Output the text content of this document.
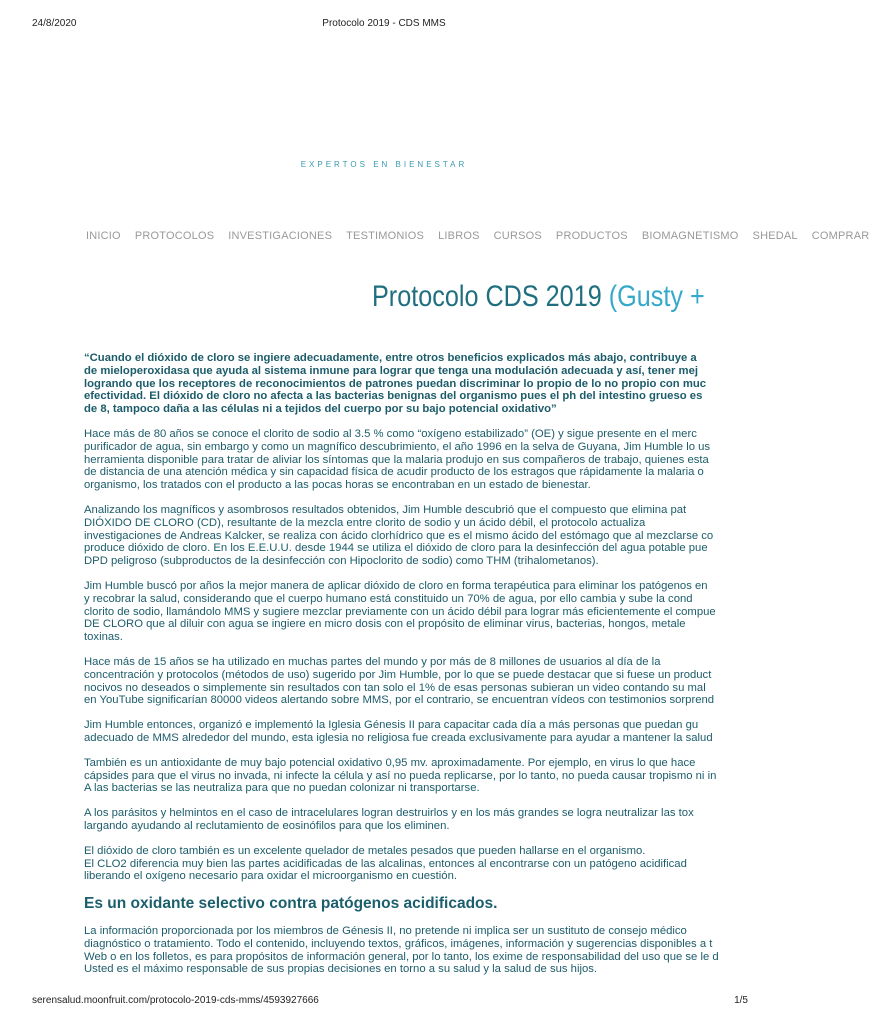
24/8/2020	Protocolo 2019 - CDS MMS
EXPERTOS EN BIENESTAR
INICIO PROTOCOLOS INVESTIGACIONES TESTIMONIOS LIBROS CURSOS PRODUCTOS BIOMAGNETISMO SHEDAL COMPRAR
Protocolo CDS 2019 (Gusty +

“Cuando el dióxido de cloro se ingiere adecuadamente, entre otros beneficios explicados más abajo, contribuye a
de mieloperoxidasa que ayuda al sistema inmune para lograr que tenga una modulación adecuada y así, tener mej
logrando que los receptores de reconocimientos de patrones puedan discriminar lo propio de lo no propio con muc
efectividad. El dióxido de cloro no afecta a las bacterias benignas del organismo pues el ph del intestino grueso es
de 8, tampoco daña a las células ni a tejidos del cuerpo por su bajo potencial oxidativo”

Hace más de 80 años se conoce el clorito de sodio al 3.5 % como “oxígeno estabilizado” (OE) y sigue presente en el merc
purificador de agua, sin embargo y como un magnífico descubrimiento, el año 1996 en la selva de Guyana, Jim Humble lo us
herramienta disponible para tratar de aliviar los síntomas que la malaria produjo en sus compañeros de trabajo, quienes esta
de distancia de una atención médica y sin capacidad física de acudir producto de los estragos que rápidamente la malaria o
organismo, los tratados con el producto a las pocas horas se encontraban en un estado de bienestar.

Analizando los magníficos y asombrosos resultados obtenidos, Jim Humble descubrió que el compuesto que elimina pat
DIÓXIDO DE CLORO (CD), resultante de la mezcla entre clorito de sodio y un ácido débil, el protocolo actualiza
investigaciones de Andreas Kalcker, se realiza con ácido clorhídrico que es el mismo ácido del estómago que al mezclarse co
produce dióxido de cloro. En los E.E.U.U. desde 1944 se utiliza el dióxido de cloro para la desinfección del agua potable pue
DPD peligroso (subproductos de la desinfección con Hipoclorito de sodio) como THM (trihalometanos).

Jim Humble buscó por años la mejor manera de aplicar dióxido de cloro en forma terapéutica para eliminar los patógenos en
y recobrar la salud, considerando que el cuerpo humano está constituido un 70% de agua, por ello cambia y sube la cond
clorito de sodio, llamándolo MMS y sugiere mezclar previamente con un ácido débil para lograr más eficientemente el compue
DE CLORO que al diluir con agua se ingiere en micro dosis con el propósito de eliminar virus, bacterias, hongos, metale
toxinas.

Hace más de 15 años se ha utilizado en muchas partes del mundo y por más de 8 millones de usuarios al día de la
concentración y protocolos (métodos de uso) sugerido por Jim Humble, por lo que se puede destacar que si fuese un product
nocivos no deseados o simplemente sin resultados con tan solo el 1% de esas personas subieran un video contando su mal
en YouTube significarían 80000 videos alertando sobre MMS, por el contrario, se encuentran vídeos con testimonios sorprend

Jim Humble entonces, organizó e implementó la Iglesia Génesis II para capacitar cada día a más personas que puedan gu
adecuado de MMS alrededor del mundo, esta iglesia no religiosa fue creada exclusivamente para ayudar a mantener la salud

También es un antioxidante de muy bajo potencial oxidativo 0,95 mv. aproximadamente. Por ejemplo, en virus lo que hace
cápsides para que el virus no invada, ni infecte la célula y así no pueda replicarse, por lo tanto, no pueda causar tropismo ni in
A las bacterias se las neutraliza para que no puedan colonizar ni transportarse.

A los parásitos y helmintos en el caso de intracelulares logran destruirlos y en los más grandes se logra neutralizar las tox
largando ayudando al reclutamiento de eosinófilos para que los eliminen.

El dióxido de cloro también es un excelente quelador de metales pesados que pueden hallarse en el organismo.
El CLO2 diferencia muy bien las partes acidificadas de las alcalinas, entonces al encontrarse con un patógeno acidificad
liberando el oxígeno necesario para oxidar el microorganismo en cuestión.

Es un oxidante selectivo contra patógenos acidificados.

La información proporcionada por los miembros de Génesis II, no pretende ni implica ser un sustituto de consejo médico
diagnóstico o tratamiento. Todo el contenido, incluyendo textos, gráficos, imágenes, información y sugerencias disponibles a t
Web o en los folletos, es para propósitos de información general, por lo tanto, los exime de responsabilidad del uso que se le d
Usted es el máximo responsable de sus propias decisiones en torno a su salud y la salud de sus hijos.

serensalud.moonfruit.com/protocolo-2019-cds-mms/4593927666	1/5
